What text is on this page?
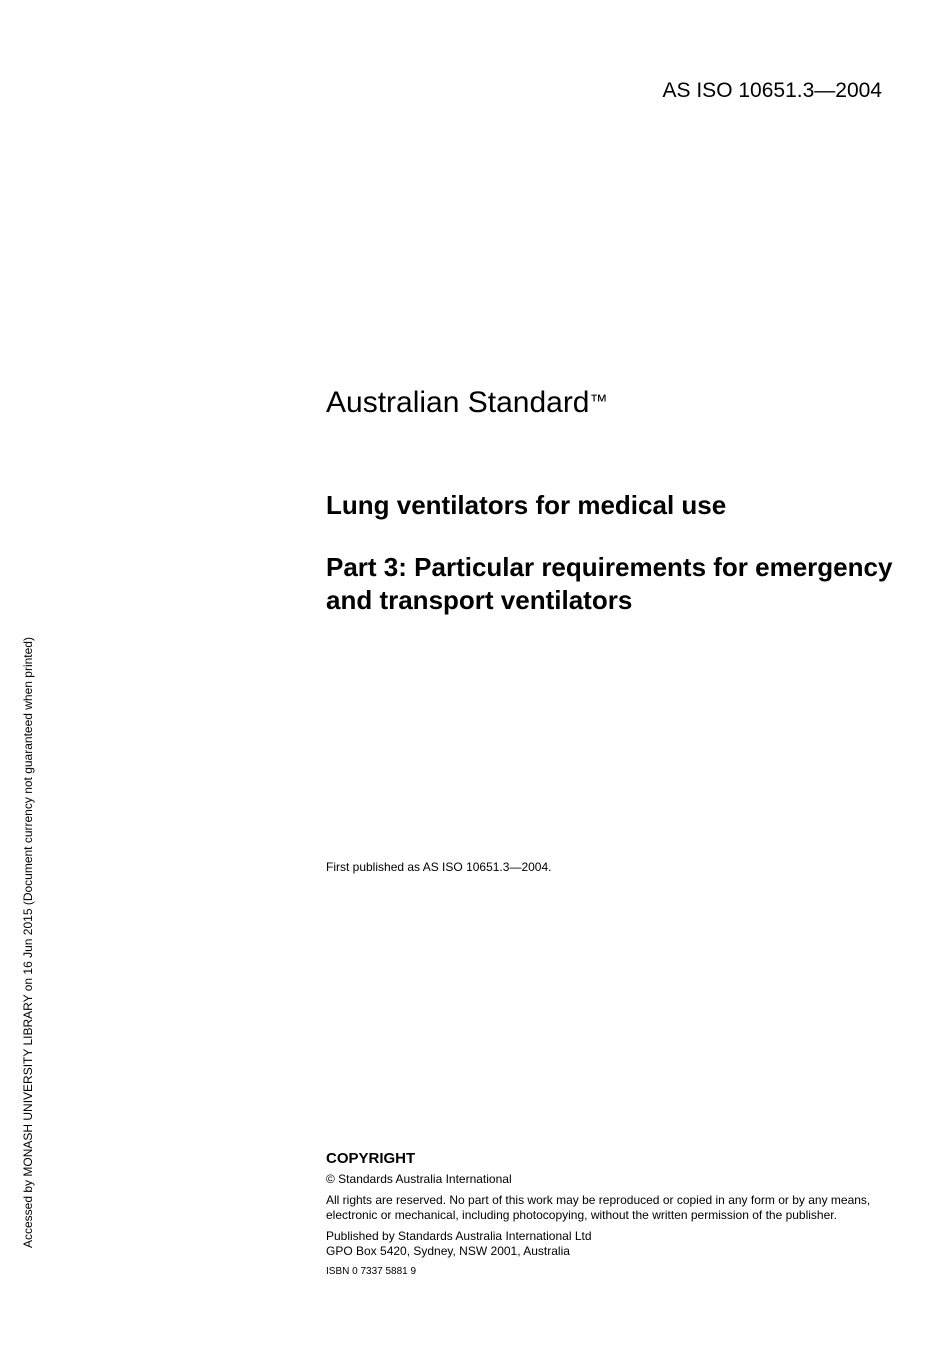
AS ISO 10651.3—2004
Accessed by MONASH UNIVERSITY LIBRARY on 16 Jun 2015 (Document currency not guaranteed when printed)
Australian Standard™
Lung ventilators for medical use
Part 3: Particular requirements for emergency and transport ventilators
First published as AS ISO 10651.3—2004.

COPYRIGHT

© Standards Australia International

All rights are reserved. No part of this work may be reproduced or copied in any form or by any means, electronic or mechanical, including photocopying, without the written permission of the publisher.

Published by Standards Australia International Ltd
GPO Box 5420, Sydney, NSW 2001, Australia

ISBN 0 7337 5881 9
